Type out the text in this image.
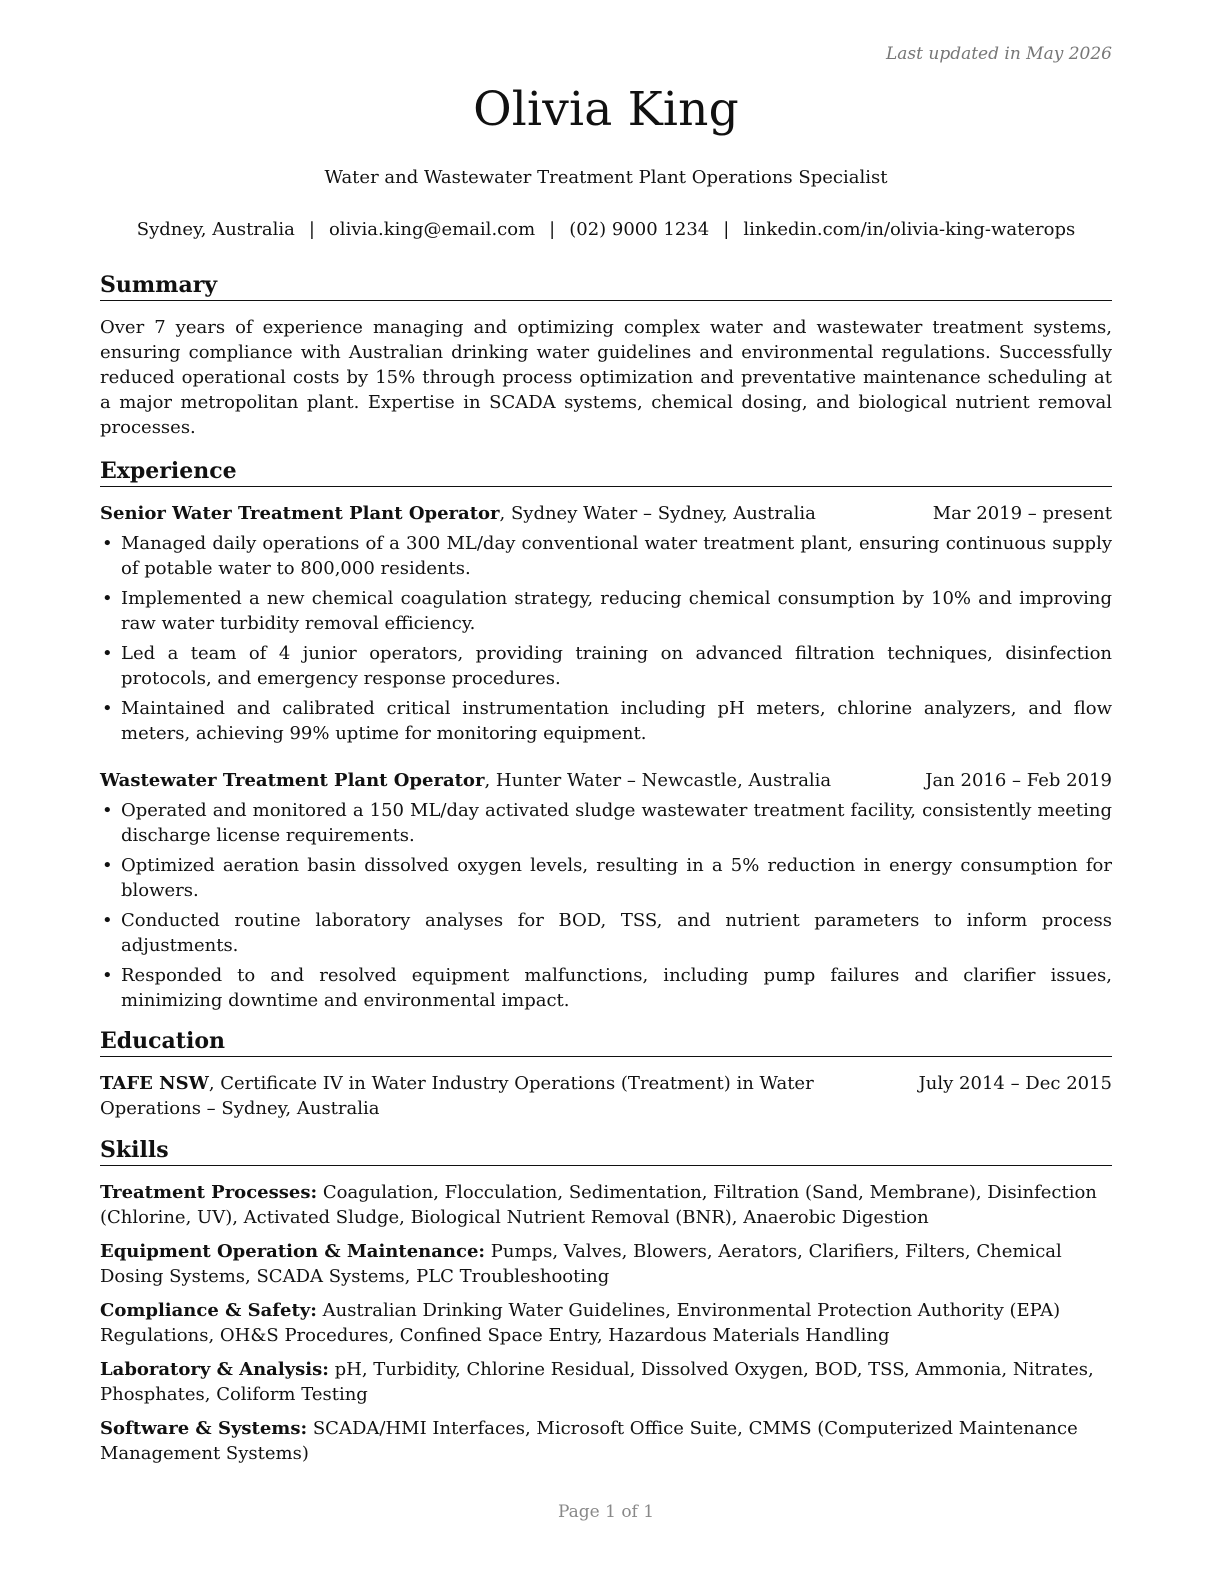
Last updated in May 2026
Olivia King
Water and Wastewater Treatment Plant Operations Specialist
Sydney, Australia | olivia.king@email.com | (02) 9000 1234 | linkedin.com/in/olivia-king-waterops
Summary

Over 7 years of experience managing and optimizing complex water and wastewater treatment systems, ensuring compliance with Australian drinking water guidelines and environmental regulations. Successfully reduced operational costs by 15% through process optimization and preventative maintenance scheduling at a major metropolitan plant. Expertise in SCADA systems, chemical dosing, and biological nutrient removal processes.

Experience
Senior Water Treatment Plant Operator, Sydney Water – Sydney, Australia	Mar 2019 – present
• Managed daily operations of a 300 ML/day conventional water treatment plant, ensuring continuous supply of potable water to 800,000 residents.
• Implemented a new chemical coagulation strategy, reducing chemical consumption by 10% and improving raw water turbidity removal efficiency.
• Led a team of 4 junior operators, providing training on advanced filtration techniques, disinfection protocols, and emergency response procedures.
• Maintained and calibrated critical instrumentation including pH meters, chlorine analyzers, and flow meters, achieving 99% uptime for monitoring equipment.
Wastewater Treatment Plant Operator, Hunter Water – Newcastle, Australia	Jan 2016 – Feb 2019
• Operated and monitored a 150 ML/day activated sludge wastewater treatment facility, consistently meeting discharge license requirements.
• Optimized aeration basin dissolved oxygen levels, resulting in a 5% reduction in energy consumption for blowers.
• Conducted routine laboratory analyses for BOD, TSS, and nutrient parameters to inform process adjustments.
• Responded to and resolved equipment malfunctions, including pump failures and clarifier issues, minimizing downtime and environmental impact.
Education
TAFE NSW, Certificate IV in Water Industry Operations (Treatment) in Water Operations – Sydney, Australia
July 2014 – Dec 2015
Skills
Treatment Processes: Coagulation, Flocculation, Sedimentation, Filtration (Sand, Membrane), Disinfection (Chlorine, UV), Activated Sludge, Biological Nutrient Removal (BNR), Anaerobic Digestion
Equipment Operation & Maintenance: Pumps, Valves, Blowers, Aerators, Clarifiers, Filters, Chemical Dosing Systems, SCADA Systems, PLC Troubleshooting
Compliance & Safety: Australian Drinking Water Guidelines, Environmental Protection Authority (EPA) Regulations, OH&S Procedures, Confined Space Entry, Hazardous Materials Handling
Laboratory & Analysis: pH, Turbidity, Chlorine Residual, Dissolved Oxygen, BOD, TSS, Ammonia, Nitrates, Phosphates, Coliform Testing
Software & Systems: SCADA/HMI Interfaces, Microsoft Office Suite, CMMS (Computerized Maintenance Management Systems)
Page 1 of 1
